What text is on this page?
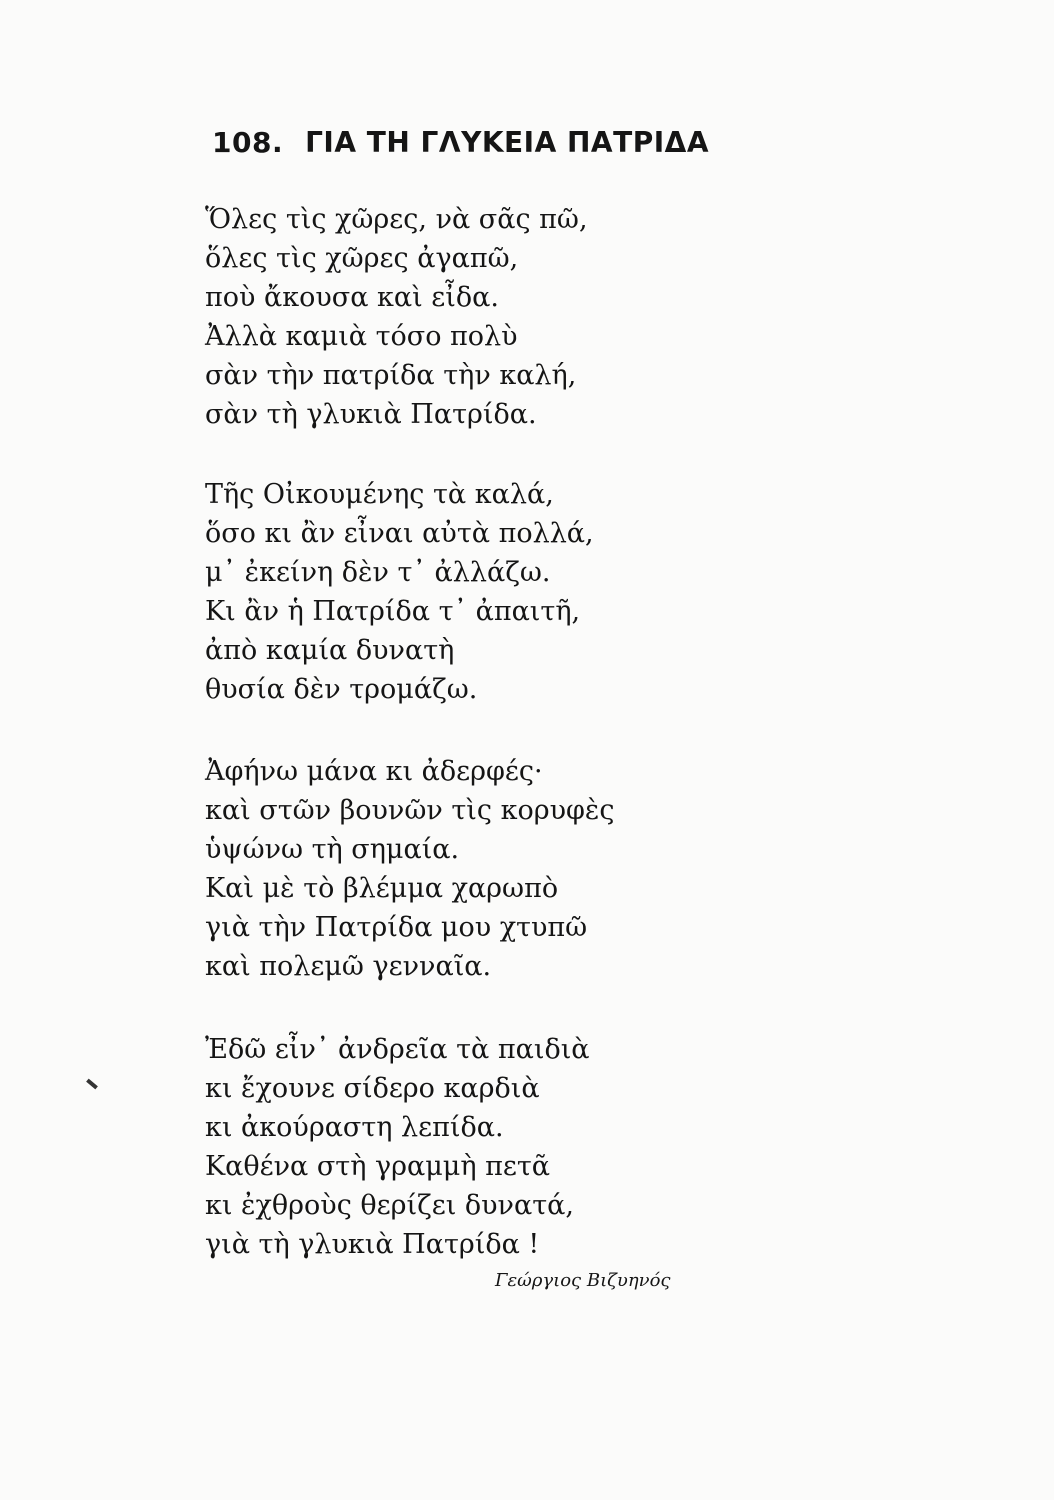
108. ΓΙΑ ΤΗ ΓΛΥΚΕΙΑ ΠΑΤΡΙΔΑ
Ὅλες τὶς χῶρες, νὰ σᾶς πῶ,
ὅλες τὶς χῶρες ἀγαπῶ,
ποὺ ἄκουσα καὶ εἶδα.
Ἀλλὰ καμιὰ τόσο πολὺ
σὰν τὴν πατρίδα τὴν καλή,
σὰν τὴ γλυκιὰ Πατρίδα.
Τῆς Οἰκουμένης τὰ καλά,
ὅσο κι ἂν εἶναι αὐτὰ πολλά,
μ᾿ ἐκείνη δὲν τ᾿ ἀλλάζω.
Κι ἂν ἡ Πατρίδα τ᾿ ἀπαιτῆ,
ἀπὸ καμία δυνατὴ
θυσία δὲν τρομάζω.
Ἀφήνω μάνα κι ἀδερφές·
καὶ στῶν βουνῶν τὶς κορυφὲς
ὑψώνω τὴ σημαία.
Καὶ μὲ τὸ βλέμμα χαρωπὸ
γιὰ τὴν Πατρίδα μου χτυπῶ
καὶ πολεμῶ γενναῖα.
Ἐδῶ εἶν᾿ ἀνδρεῖα τὰ παιδιὰ
κι ἔχουνε σίδερο καρδιὰ
κι ἀκούραστη λεπίδα.
Καθένα στὴ γραμμὴ πετᾶ
κι ἐχθροὺς θερίζει δυνατά,
γιὰ τὴ γλυκιὰ Πατρίδα !
Γεώργιος Βιζυηνός
